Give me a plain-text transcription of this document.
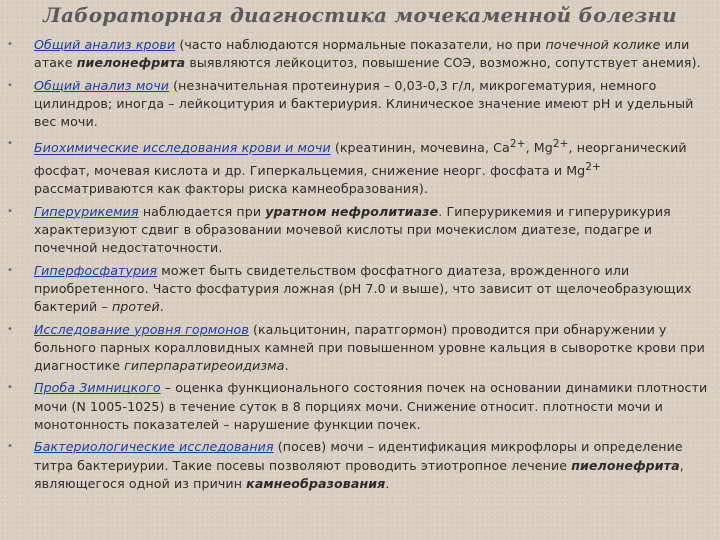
Лабораторная диагностика мочекаменной болезни
• Общий анализ крови (часто наблюдаются нормальные показатели, но при почечной колике или атаке пиелонефрита выявляются лейкоцитоз, повышение СОЭ, возможно, сопутствует анемия).
• Общий анализ мочи (незначительная протеинурия – 0,03-0,3 г/л, микрогематурия, немного цилиндров; иногда – лейкоцитурия и бактериурия. Клиническое значение имеют рН и удельный вес мочи.
• Биохимические исследования крови и мочи (креатинин, мочевина, $Ca^{2+}$, $Mg^{2+}$, неорганический фосфат, мочевая кислота и др. Гиперкальцемия, снижение неорг. фосфата и $Mg^{2+}$ рассматриваются как факторы риска камнеобразования).
• Гиперурикемия наблюдается при уратном нефролитиазе. Гиперурикемия и гиперурикурия характеризуют сдвиг в образовании мочевой кислоты при мочекислом диатезе, подагре и почечной недостаточности.
• Гиперфосфатурия может быть свидетельством фосфатного диатеза, врожденного или приобретенного. Часто фосфатурия ложная (рН 7.0 и выше), что зависит от щелочеобразующих бактерий – протей.
• Исследование уровня гормонов (кальцитонин, паратгормон) проводится при обнаружении у больного парных коралловидных камней при повышенном уровне кальция в сыворотке крови при диагностике гиперпаратиреоидизма.
• Проба Зимницкого – оценка функционального состояния почек на основании динамики плотности мочи (N 1005-1025) в течение суток в 8 порциях мочи. Снижение относит. плотности мочи и монотонность показателей – нарушение функции почек.
• Бактериологические исследования (посев) мочи – идентификация микрофлоры и определение титра бактериурии. Такие посевы позволяют проводить этиотропное лечение пиелонефрита, являющегося одной из причин камнеобразования.
